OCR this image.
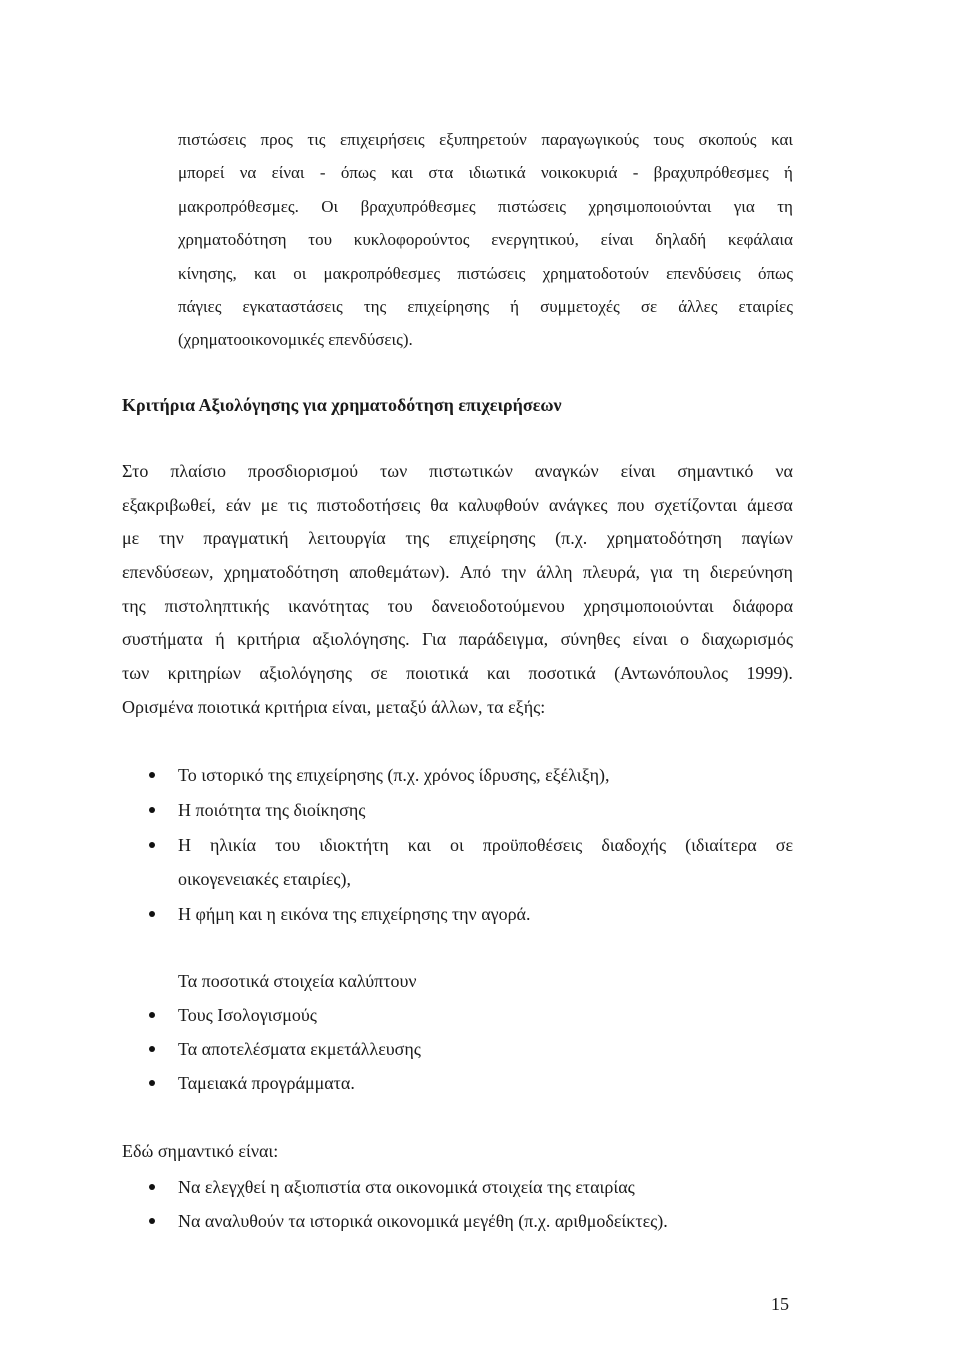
πιστώσεις προς τις επιχειρήσεις εξυπηρετούν παραγωγικούς τους σκοπούς και
μπορεί να είναι - όπως και στα ιδιωτικά νοικοκυριά - βραχυπρόθεσμες ή
μακροπρόθεσμες. Οι βραχυπρόθεσμες πιστώσεις χρησιμοποιούνται για τη
χρηματοδότηση του κυκλοφορούντος ενεργητικού, είναι δηλαδή κεφάλαια
κίνησης, και οι μακροπρόθεσμες πιστώσεις χρηματοδοτούν επενδύσεις όπως
πάγιες εγκαταστάσεις της επιχείρησης ή συμμετοχές σε άλλες εταιρίες
(χρηματοοικονομικές επενδύσεις).
Κριτήρια Αξιολόγησης για χρηματοδότηση επιχειρήσεων
Στο πλαίσιο προσδιορισμού των πιστωτικών αναγκών είναι σημαντικό να
εξακριβωθεί, εάν με τις πιστοδοτήσεις θα καλυφθούν ανάγκες που σχετίζονται άμεσα
με την πραγματική λειτουργία της επιχείρησης (π.χ. χρηματοδότηση παγίων
επενδύσεων, χρηματοδότηση αποθεμάτων). Από την άλλη πλευρά, για τη διερεύνηση
της πιστοληπτικής ικανότητας του δανειοδοτούμενου χρησιμοποιούνται διάφορα
συστήματα ή κριτήρια αξιολόγησης. Για παράδειγμα, σύνηθες είναι ο διαχωρισμός
των κριτηρίων αξιολόγησης σε ποιοτικά και ποσοτικά (Αντωνόπουλος 1999).
Ορισμένα ποιοτικά κριτήρια είναι, μεταξύ άλλων, τα εξής:
Το ιστορικό της επιχείρησης (π.χ. χρόνος ίδρυσης, εξέλιξη),
Η ποιότητα της διοίκησης
Η ηλικία του ιδιοκτήτη και οι προϋποθέσεις διαδοχής (ιδιαίτερα σε
οικογενειακές εταιρίες),
Η φήμη και η εικόνα της επιχείρησης την αγορά.
Τα ποσοτικά στοιχεία καλύπτουν
Τους Ισολογισμούς
Τα αποτελέσματα εκμετάλλευσης
Ταμειακά προγράμματα.
Εδώ σημαντικό είναι:
Να ελεγχθεί η αξιοπιστία στα οικονομικά στοιχεία της εταιρίας
Να αναλυθούν τα ιστορικά οικονομικά μεγέθη (π.χ. αριθμοδείκτες).
15
